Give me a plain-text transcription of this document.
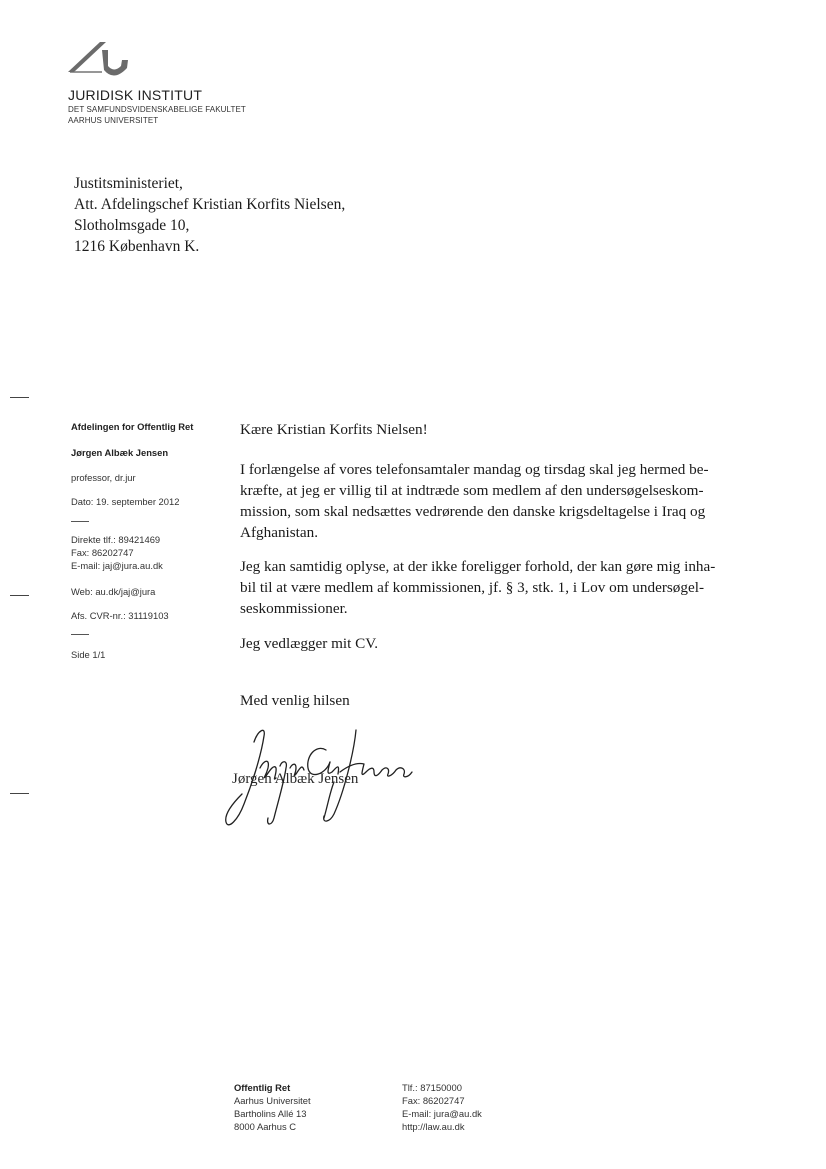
JURIDISK INSTITUT
DET SAMFUNDSVIDENSKABELIGE FAKULTET
AARHUS UNIVERSITET
Justitsministeriet,
Att. Afdelingschef Kristian Korfits Nielsen,
Slotholmsgade 10,
1216 København K.
Afdelingen for Offentlig Ret
Jørgen Albæk Jensen
professor, dr.jur
Dato: 19. september 2012
Direkte tlf.: 89421469
Fax: 86202747
E-mail: jaj@jura.au.dk
Web: au.dk/jaj@jura
Afs. CVR-nr.: 31119103
Side 1/1
Kære Kristian Korfits Nielsen!

I forlængelse af vores telefonsamtaler mandag og tirsdag skal jeg hermed be-

kræfte, at jeg er villig til at indtræde som medlem af den undersøgelseskom-

mission, som skal nedsættes vedrørende den danske krigsdeltagelse i Iraq og

Afghanistan.

Jeg kan samtidig oplyse, at der ikke foreligger forhold, der kan gøre mig inha-

bil til at være medlem af kommissionen, jf. § 3, stk. 1, i Lov om undersøgel-

seskommissioner.

Jeg vedlægger mit CV.
Med venlig hilsen
Jørgen Albæk Jensen
Offentlig Ret
Aarhus Universitet
Bartholins Allé 13
8000 Aarhus C
Tlf.: 87150000
Fax: 86202747
E-mail: jura@au.dk
http://law.au.dk
